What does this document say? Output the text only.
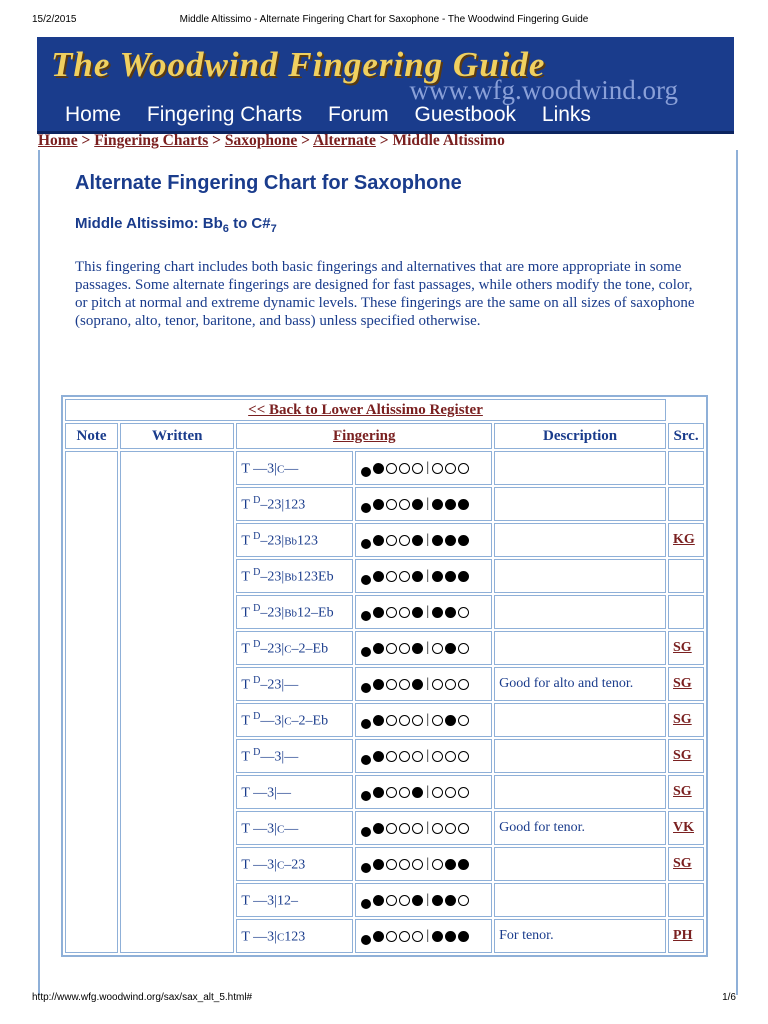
15/2/2015	Middle Altissimo - Alternate Fingering Chart for Saxophone - The Woodwind Fingering Guide
The Woodwind Fingering Guide
www.wfg.woodwind.org
Home Fingering Charts Forum Guestbook Links
Home > Fingering Charts > Saxophone > Alternate > Middle Altissimo
Alternate Fingering Chart for Saxophone
Middle Altissimo: $Bb_6$ to $C\#_7$

This fingering chart includes both basic fingerings and alternatives that are more appropriate in some passages. Some alternate fingerings are designed for fast passages, while others modify the tone, color, or pitch at normal and extreme dynamic levels. These fingerings are the same on all sizes of saxophone (soprano, alto, tenor, baritone, and bass) unless specified otherwise.

<< Back to Lower Altissimo Register					
Note	Written	Fingering		Description	Src.
		T —3|C—	|		
		T $^D$–23|123	|		
		T $^D$–23|Bb123	|		KG
		T $^D$–23|Bb123Eb	|		
		T $^D$–23|Bb12–Eb	|		
		T $^D$–23|C–2–Eb	|		SG
		T $^D$–23|—	|	Good for alto and tenor.	SG
		T $^D$—3|C–2–Eb	|		SG
		T $^D$—3|—	|		SG
		T —3|—	|		SG
		T —3|C—	|	Good for tenor.	VK
		T —3|C–23	|		SG
		T —3|12–	|		
		T —3|C123	|	For tenor.	PH
http://www.wfg.woodwind.org/sax/sax_alt_5.html#	1/6
